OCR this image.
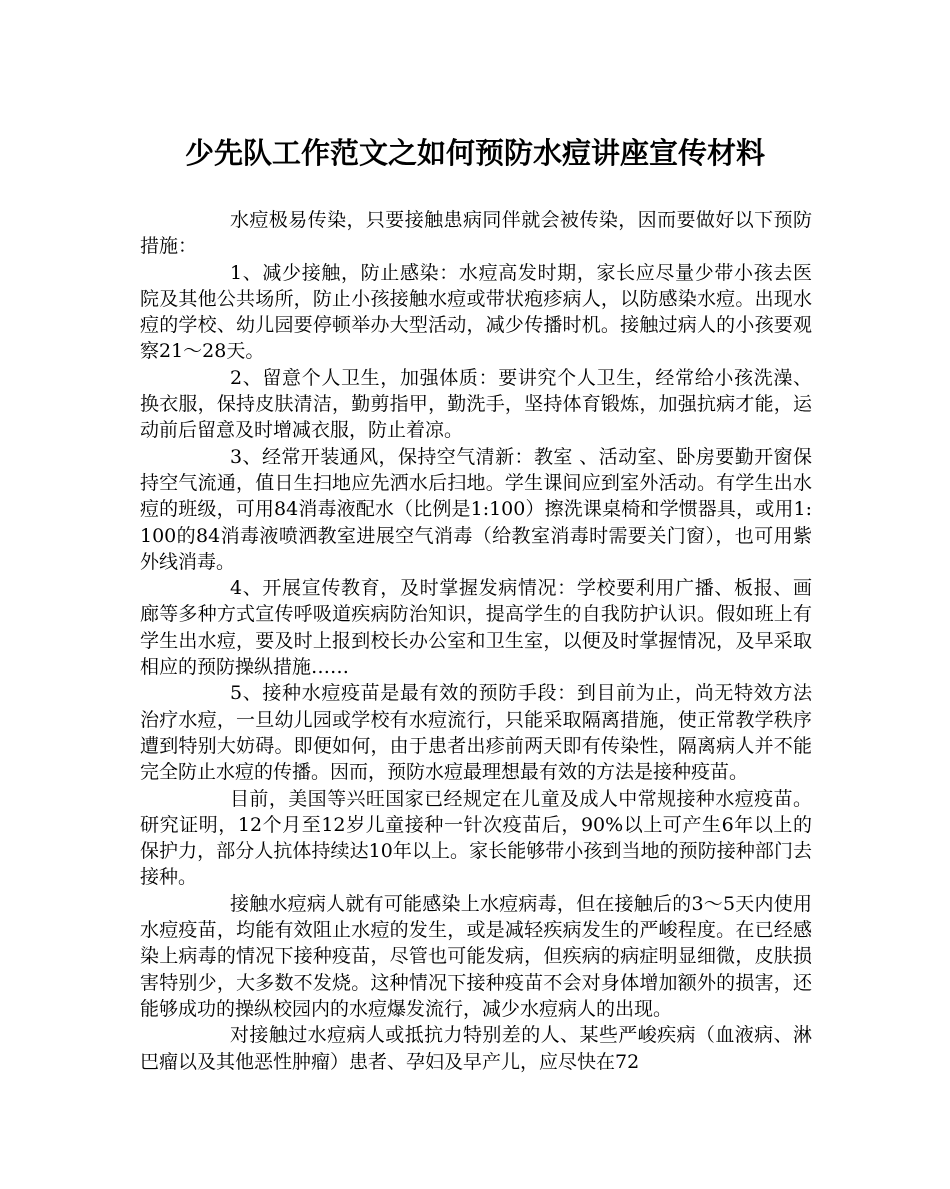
少先队工作范文之如何预防水痘讲座宣传材料

水痘极易传染，只要接触患病同伴就会被传染，因而要做好以下预防措施：

1、减少接触，防止感染：水痘高发时期，家长应尽量少带小孩去医院及其他公共场所，防止小孩接触水痘或带状疱疹病人，以防感染水痘。出现水痘的学校、幼儿园要停顿举办大型活动，减少传播时机。接触过病人的小孩要观察21～28天。

2、留意个人卫生，加强体质：要讲究个人卫生，经常给小孩洗澡、换衣服，保持皮肤清洁，勤剪指甲，勤洗手，坚持体育锻炼，加强抗病才能，运动前后留意及时增减衣服，防止着凉。

3、经常开装通风，保持空气清新：教室 、活动室、卧房要勤开窗保持空气流通，值日生扫地应先洒水后扫地。学生课间应到室外活动。有学生出水痘的班级，可用84消毒液配水（比例是1:100）擦洗课桌椅和学惯器具，或用1:100的84消毒液喷洒教室进展空气消毒（给教室消毒时需要关门窗），也可用紫外线消毒。

4、开展宣传教育，及时掌握发病情况：学校要利用广播、板报、画廊等多种方式宣传呼吸道疾病防治知识，提高学生的自我防护认识。假如班上有学生出水痘，要及时上报到校长办公室和卫生室，以便及时掌握情况，及早采取相应的预防操纵措施……

5、接种水痘疫苗是最有效的预防手段：到目前为止，尚无特效方法治疗水痘，一旦幼儿园或学校有水痘流行，只能采取隔离措施，使正常教学秩序遭到特别大妨碍。即便如何，由于患者出疹前两天即有传染性，隔离病人并不能完全防止水痘的传播。因而，预防水痘最理想最有效的方法是接种疫苗。

目前，美国等兴旺国家已经规定在儿童及成人中常规接种水痘疫苗。研究证明，12个月至12岁儿童接种一针次疫苗后，90%以上可产生6年以上的保护力，部分人抗体持续达10年以上。家长能够带小孩到当地的预防接种部门去接种。

接触水痘病人就有可能感染上水痘病毒，但在接触后的3～5天内使用水痘疫苗，均能有效阻止水痘的发生，或是减轻疾病发生的严峻程度。在已经感染上病毒的情况下接种疫苗，尽管也可能发病，但疾病的病症明显细微，皮肤损害特别少，大多数不发烧。这种情况下接种疫苗不会对身体增加额外的损害，还能够成功的操纵校园内的水痘爆发流行，减少水痘病人的出现。

对接触过水痘病人或抵抗力特别差的人、某些严峻疾病（血液病、淋巴瘤以及其他恶性肿瘤）患者、孕妇及早产儿，应尽快在72
